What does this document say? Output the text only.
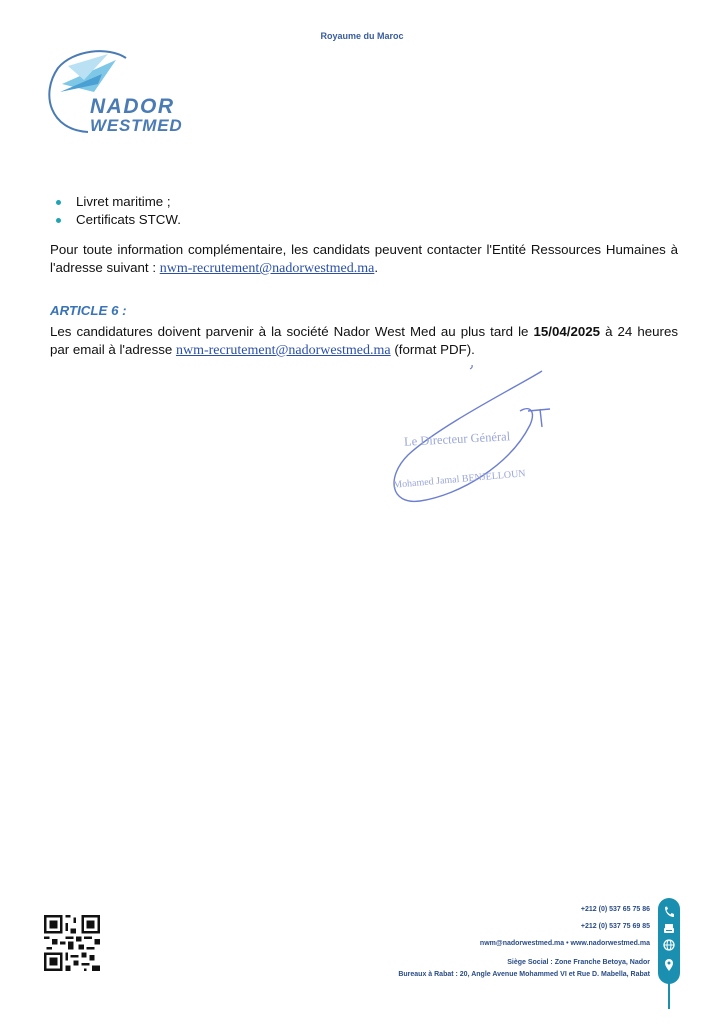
Royaume du Maroc
NADOR
WESTMED
Livret maritime ;
Certificats STCW.
Pour toute information complémentaire, les candidats peuvent contacter l'Entité Ressources Humaines à l'adresse suivant : nwm-recrutement@nadorwestmed.ma.
ARTICLE 6 :
Les candidatures doivent parvenir à la société Nador West Med au plus tard le 15/04/2025 à 24 heures par email à l'adresse nwm-recrutement@nadorwestmed.ma (format PDF).
Le Directeur Général
Mohamed Jamal BENJELLOUN
+212 (0) 537 65 75 86
+212 (0) 537 75 69 85
nwm@nadorwestmed.ma • www.nadorwestmed.ma
Siège Social : Zone Franche Betoya, Nador
Bureaux à Rabat : 20, Angle Avenue Mohammed VI et Rue D. Mabella, Rabat
